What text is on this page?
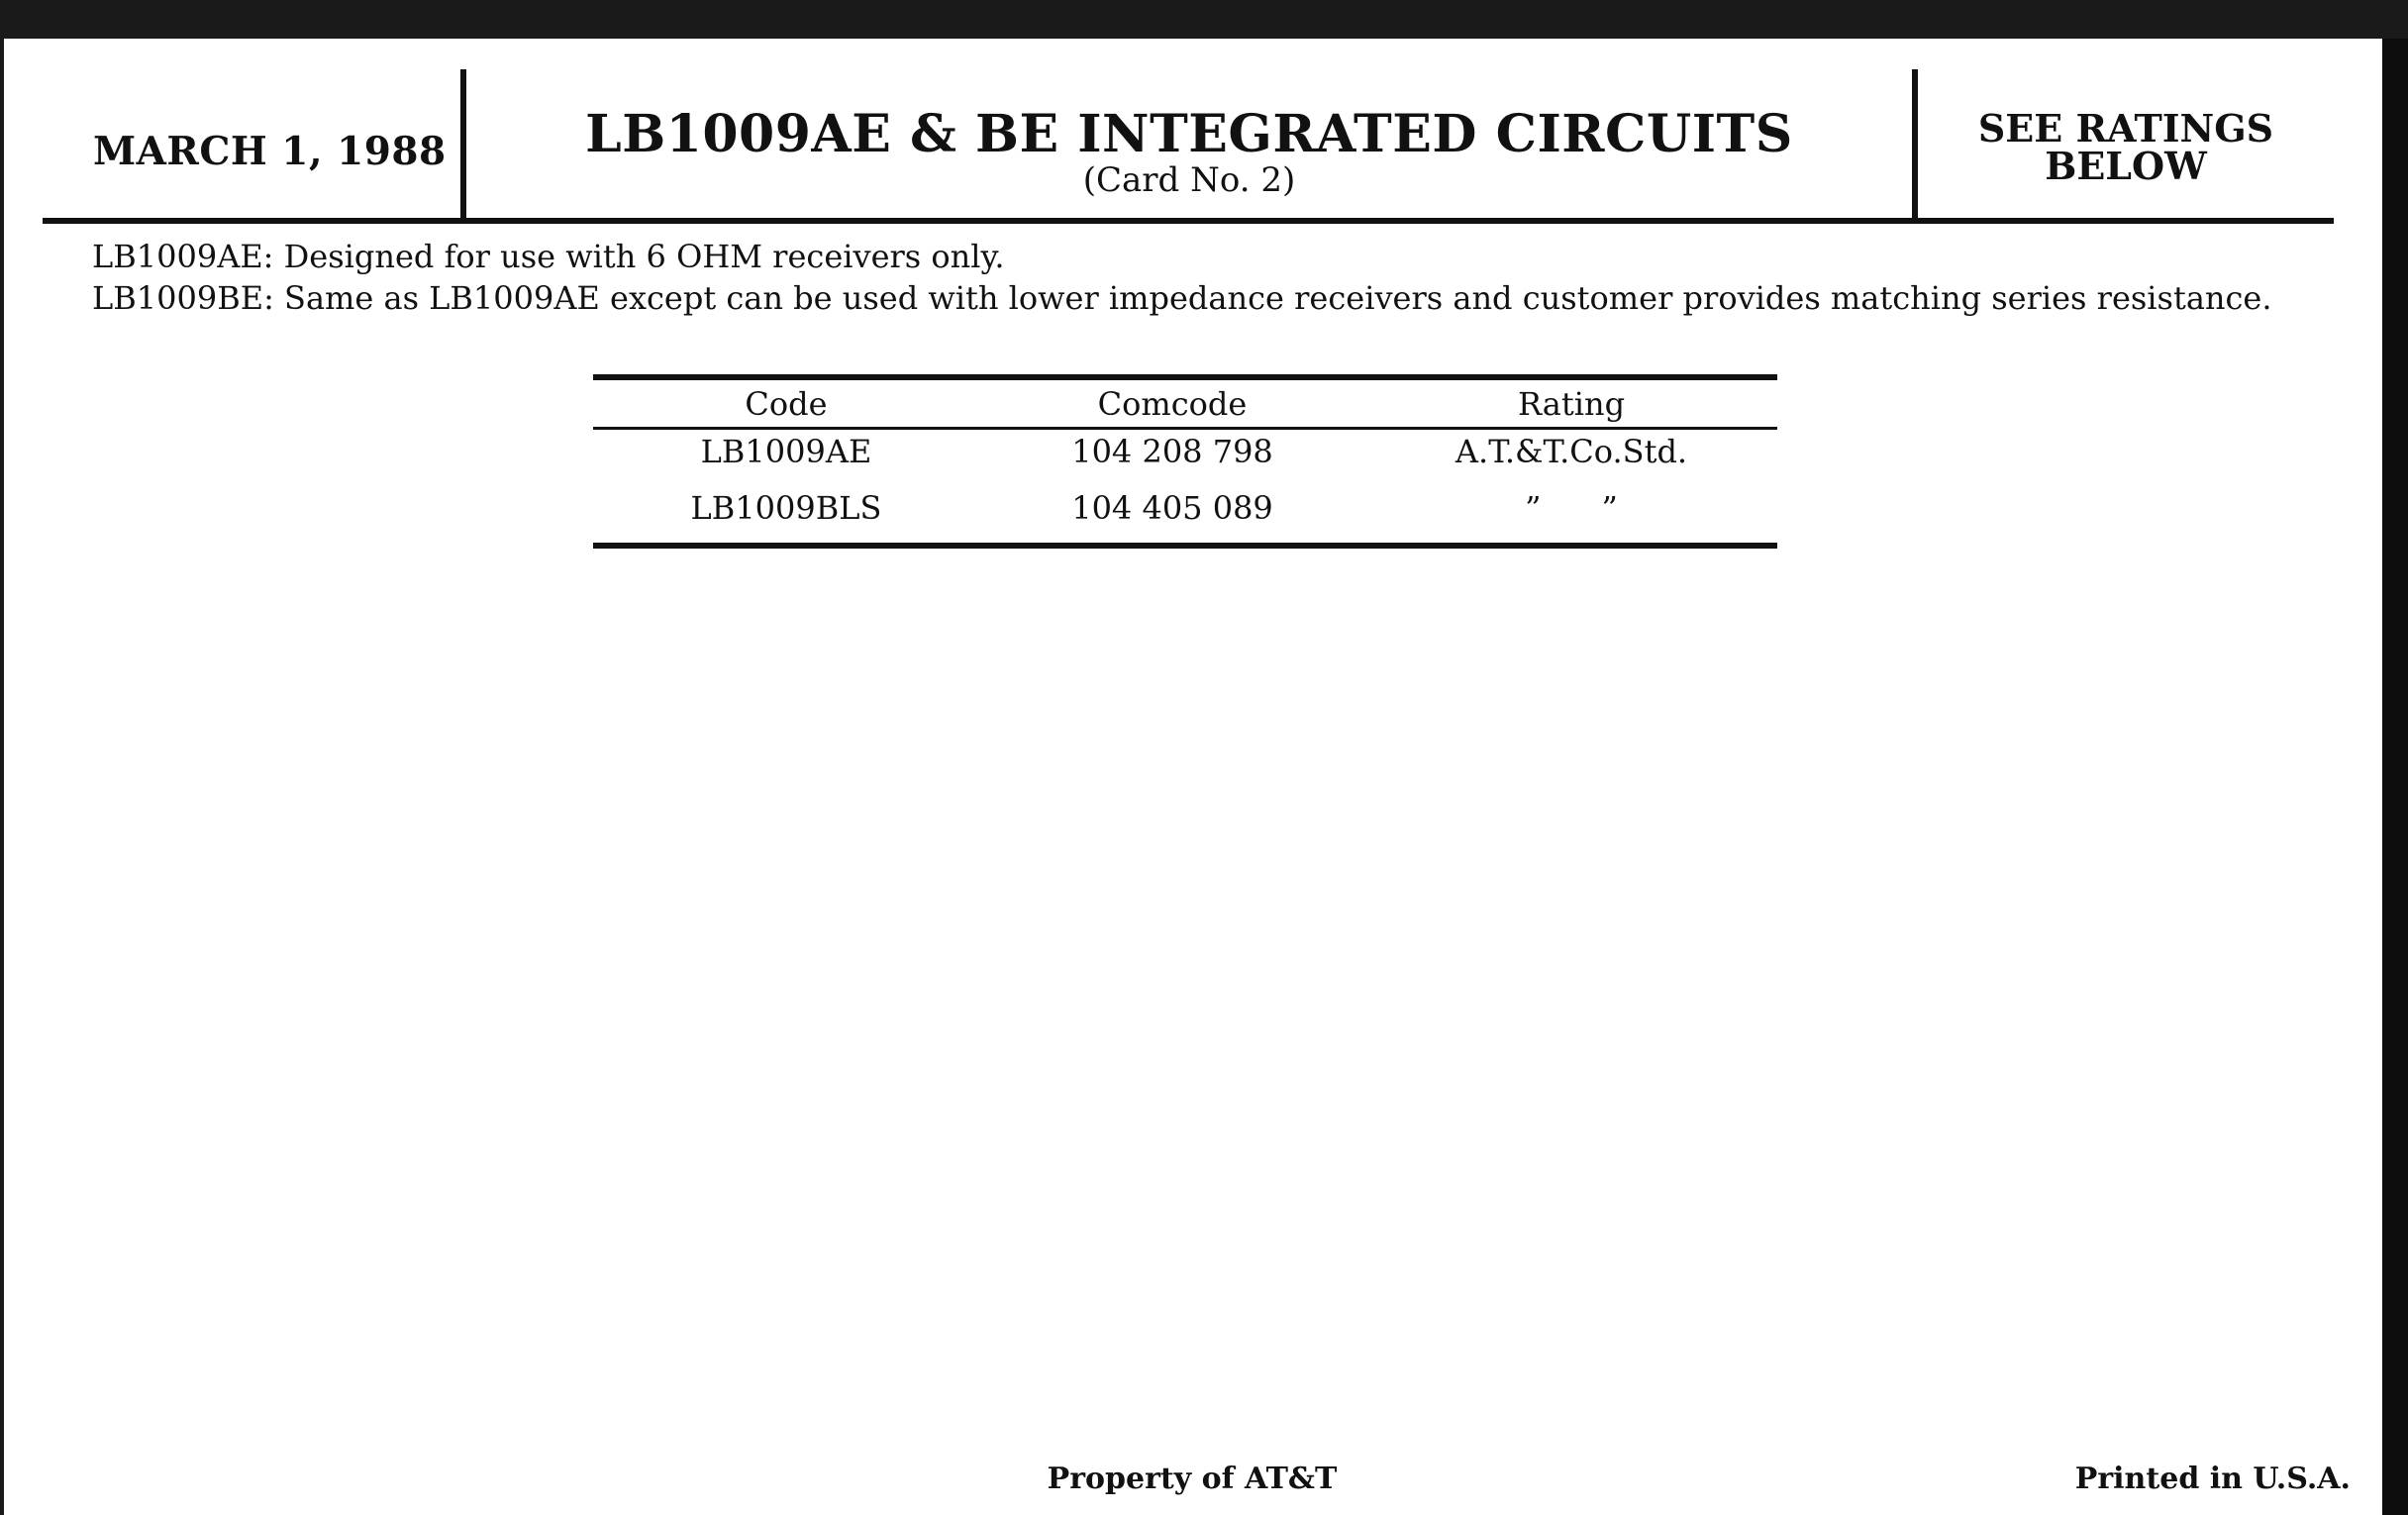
MARCH 1, 1988	LB1009AE & BE INTEGRATED CIRCUITS
(Card No. 2)
SEE RATINGS
BELOW
LB1009AE: Designed for use with 6 OHM receivers only.
LB1009BE: Same as LB1009AE except can be used with lower impedance receivers and customer provides matching series resistance.
Code	Comcode	Rating
LB1009AE	104 208 798	A.T.&T.Co.Std.
LB1009BLS	104 405 089	”      ”
Property of AT&T	Printed in U.S.A.
